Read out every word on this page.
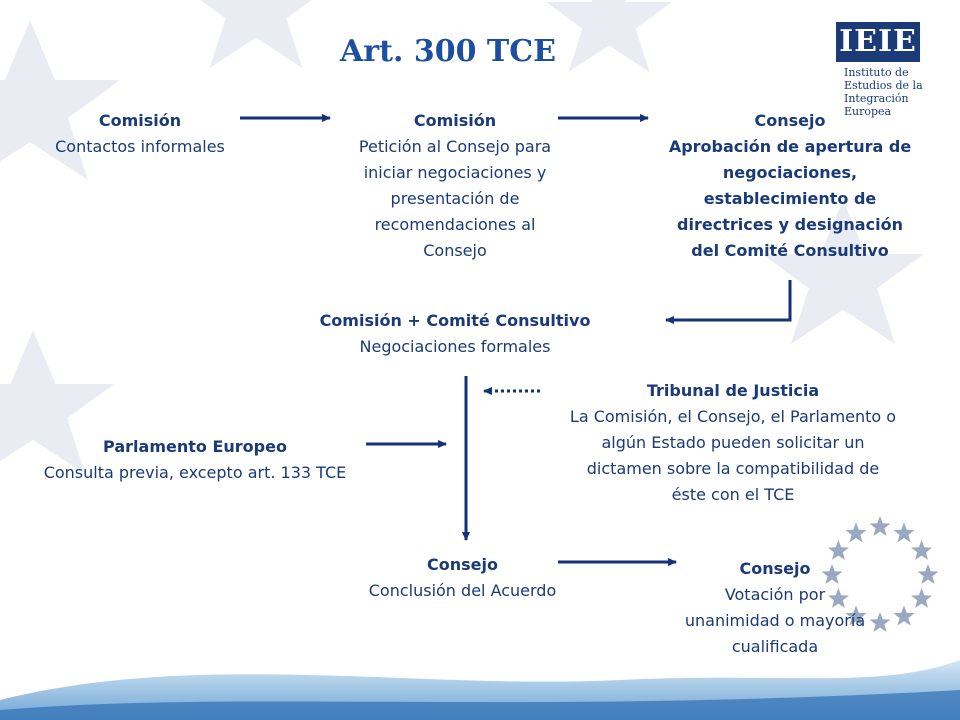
Art. 300 TCE	IEIE
Instituto de
Estudios de la
Integración
Europea
Comisión
Contactos informales
Comisión
Petición al Consejo para
iniciar negociaciones y
presentación de
recomendaciones al
Consejo
Consejo
Aprobación de apertura de
negociaciones,
establecimiento de
directrices y designación
del Comité Consultivo
Comisión + Comité Consultivo
Negociaciones formales
Tribunal de Justicia
La Comisión, el Consejo, el Parlamento o
algún Estado pueden solicitar un
dictamen sobre la compatibilidad de
éste con el TCE
Parlamento Europeo
Consulta previa, excepto art. 133 TCE
Consejo
Conclusión del Acuerdo
Consejo
Votación por
unanimidad o mayoría
cualificada
